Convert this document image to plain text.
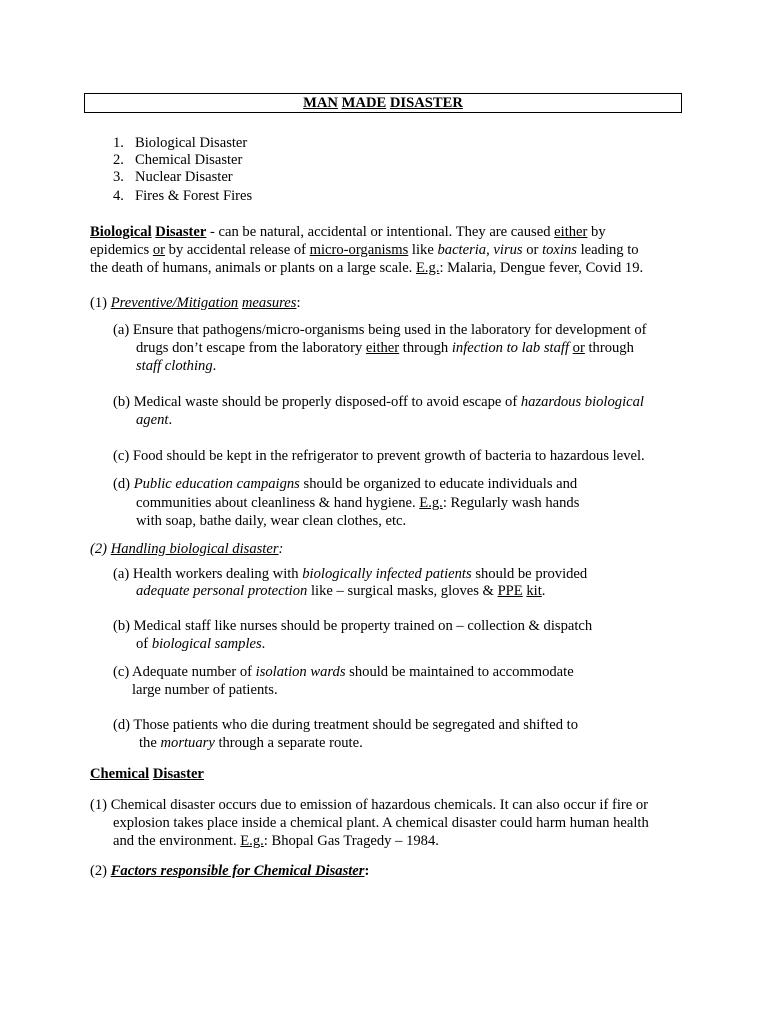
MAN MADE DISASTER
1. Biological Disaster
2. Chemical Disaster
3. Nuclear Disaster
4. Fires & Forest Fires
Biological Disaster - can be natural, accidental or intentional. They are caused either by
epidemics or by accidental release of micro-organisms like bacteria, virus or toxins leading to
the death of humans, animals or plants on a large scale. E.g.: Malaria, Dengue fever, Covid 19.
(1) Preventive/Mitigation measures:
(a) Ensure that pathogens/micro-organisms being used in the laboratory for development of
drugs don’t escape from the laboratory either through infection to lab staff or through
staff clothing.
(b) Medical waste should be properly disposed-off to avoid escape of hazardous biological
agent.
(c) Food should be kept in the refrigerator to prevent growth of bacteria to hazardous level.
(d) Public education campaigns should be organized to educate individuals and
communities about cleanliness & hand hygiene. E.g.: Regularly wash hands
with soap, bathe daily, wear clean clothes, etc.
(2) Handling biological disaster:
(a) Health workers dealing with biologically infected patients should be provided
adequate personal protection like – surgical masks, gloves & PPE kit.
(b) Medical staff like nurses should be property trained on – collection & dispatch
of biological samples.
(c) Adequate number of isolation wards should be maintained to accommodate
large number of patients.
(d) Those patients who die during treatment should be segregated and shifted to
the mortuary through a separate route.
Chemical Disaster
(1) Chemical disaster occurs due to emission of hazardous chemicals. It can also occur if fire or
explosion takes place inside a chemical plant. A chemical disaster could harm human health
and the environment. E.g.: Bhopal Gas Tragedy – 1984.
(2) Factors responsible for Chemical Disaster:
